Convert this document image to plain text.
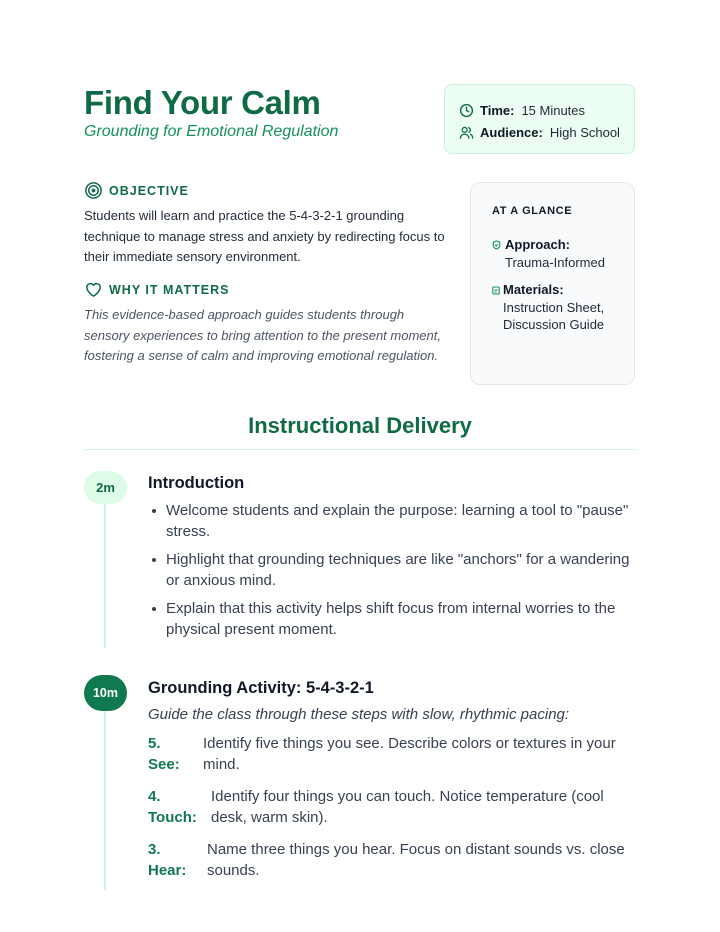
Find Your Calm
Grounding for Emotional Regulation
Time: 15 Minutes
Audience: High School
OBJECTIVE
Students will learn and practice the 5-4-3-2-1 grounding technique to manage stress and anxiety by redirecting focus to their immediate sensory environment.
WHY IT MATTERS
This evidence-based approach guides students through sensory experiences to bring attention to the present moment, fostering a sense of calm and improving emotional regulation.
AT A GLANCE
Approach:
Trauma-Informed
Materials:
Instruction Sheet, Discussion Guide
Instructional Delivery
2m	Introduction
Welcome students and explain the purpose: learning a tool to "pause" stress.
Highlight that grounding techniques are like "anchors" for a wandering or anxious mind.
Explain that this activity helps shift focus from internal worries to the physical present moment.
10m	Grounding Activity: 5-4-3-2-1
Guide the class through these steps with slow, rhythmic pacing:
5.
See:
Identify five things you see. Describe colors or textures in your mind.
4.
Touch:
Identify four things you can touch. Notice temperature (cool desk, warm skin).
3.
Hear:
Name three things you hear. Focus on distant sounds vs. close sounds.
